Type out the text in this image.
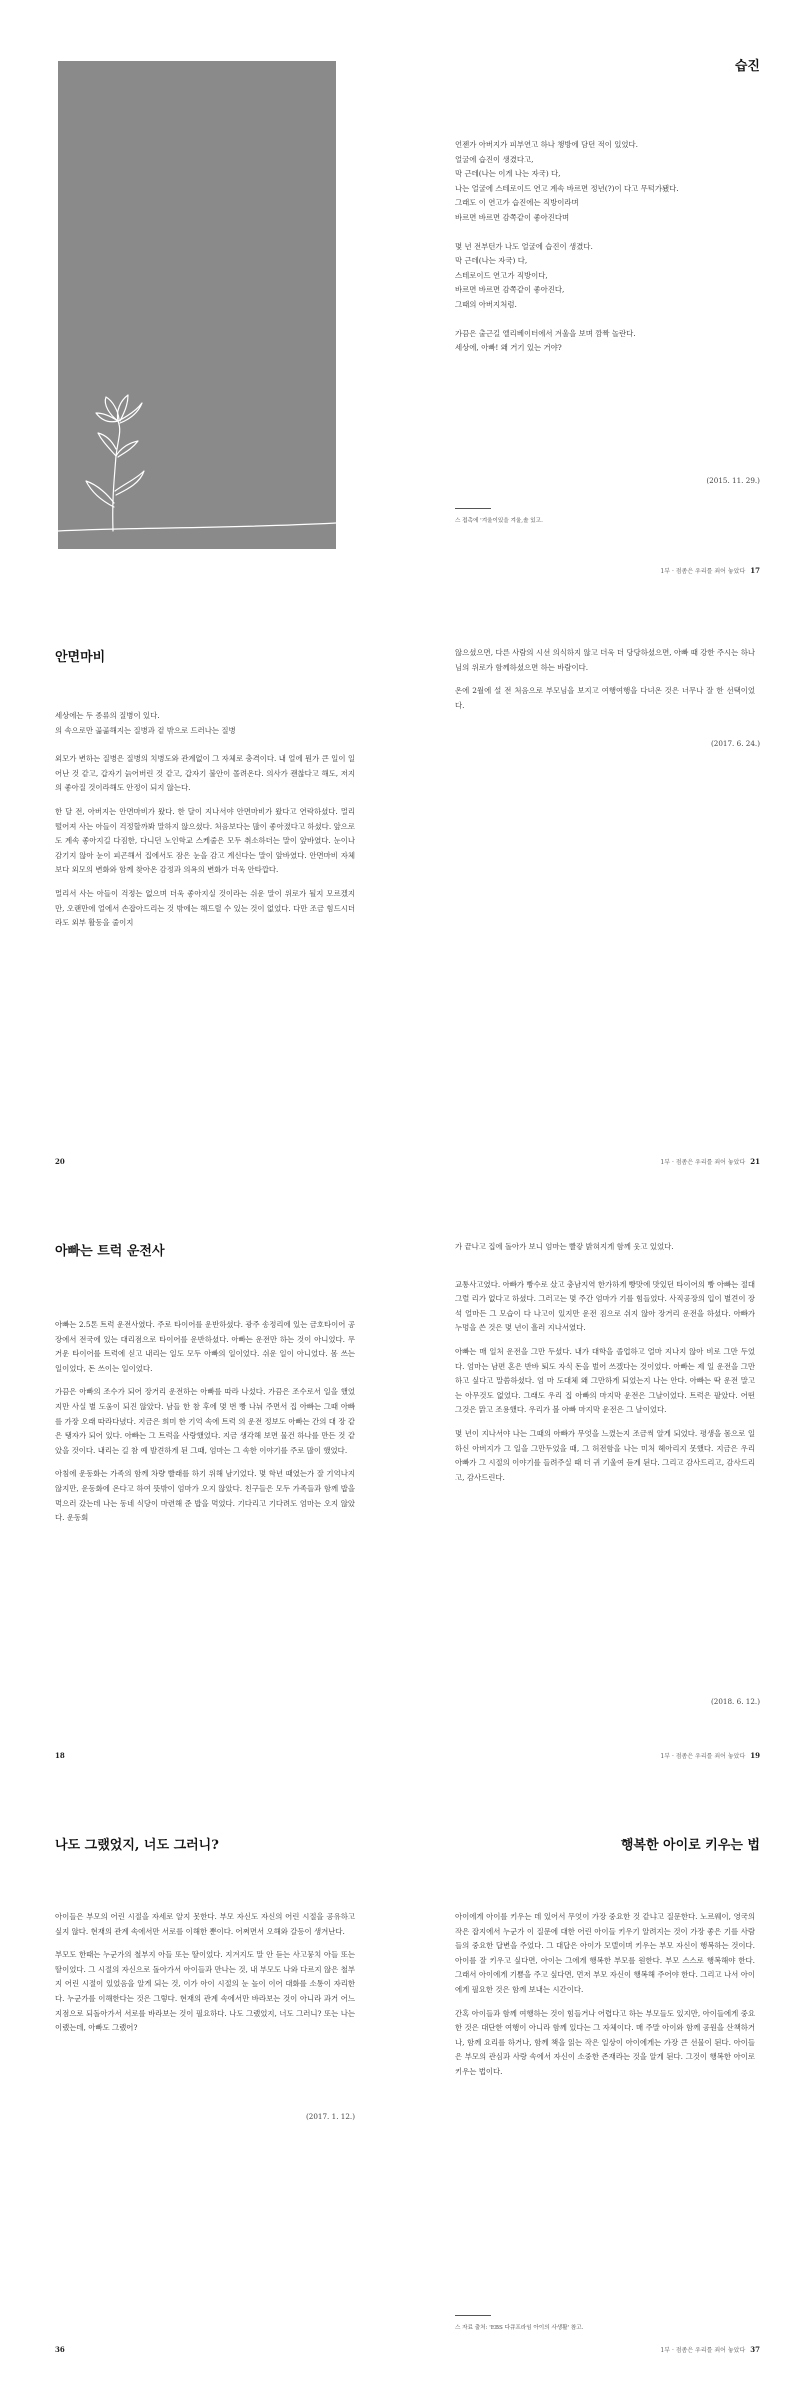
습진

언젠가 아버지가 피부연고 하나 챙방에 담던 적이 있었다.

얼굴에 습진이 생겼다고,

막 근데(나는 이게 나는 자국) 다,

나는 얼굴에 스테로이드 연고 계속 바르면 정년(?)이 다고 무턱가됐다.

그래도 이 연고가 습진에는 직방이라며

바르면 바르면 감쪽같이 좋아진다며

몇 년 전부턴가 나도 얼굴에 습진이 생겼다.

막 근데(나는 자국) 다,

스테로이드 연고가 직방이다,

바르면 바르면 감쪽같이 좋아진다,

그때의 아버지처럼.

가끔은 출근길 엘리베이터에서 겨울을 보며 깜짝 놀란다.

세상에, 아빠! 왜 거기 있는 거야?

(2015. 11. 29.)
스 접촉에 '겨울이있을 겨울,솔 있고.
1부 · 점좀은 우리를 죄어 놓았다 17
안면마비

세상에는 두 종류의 질병이 있다.

의 속으로만 곪곪해지는 질병과 겉 밖으로 드러나는 질병

외모가 변하는 질병은 질병의 치병도와 관계없이 그 자체로 충격이다. 내 얼에 뭔가 큰 일이 일어난 것 같고, 갑자기 늙어버린 것 같고, 갑자기 불안이 몰려온다. 의사가 괜찮다고 해도, 저지의 좋아질 것이라해도 안정이 되지 않는다.

한 달 전, 아버지는 안면마비가 왔다. 한 달이 지나서야 안면마비가 왔다고 연락하셨다. 멀리 떨어져 사는 아들이 걱정할까봐 말하지 않으셨다. 처음보다는 많이 좋아졌다고 하셨다. 앞으로도 계속 좋아지길 다짐한, 다니던 노인학교 스케줄은 모두 취소하더는 말이 앞바였다. 눈이나 감기지 않아 눈이 피곤해서 집에서도 잠은 눈을 감고 계신다는 말이 앞바였다. 안면마비 자체보다 외모의 변화와 함께 찾아온 감정과 의욕의 변화가 더욱 안타깝다.

멀리서 사는 아들이 걱정는 없으며 더욱 좋아지실 것이라는 쉬운 말이 위로가 될지 모르겠지만, 오랜만에 얼에서 손잡아드리는 것 밖에는 해드릴 수 있는 것이 없었다. 다만 조금 힘드시더라도 외부 활동을 줄이지

20

않으셨으면, 다른 사람의 시선 의식하지 않고 더욱 더 당당하셨으면, 아빠 때 강한 주시는 하나님의 위로가 함께하셨으면 하는 바람이다.

온에 2월에 설 전 처음으로 부모님을 보지고 여행여행을 다녀온 것은 너무나 잘 한 선택이었다.

(2017. 6. 24.)
1부 · 점좀은 우리를 죄어 놓았다 21
아빠는 트럭 운전사

아빠는 2.5톤 트럭 운전사였다. 주로 타이어를 운반하셨다. 광주 송정리에 있는 금호타이어 공장에서 전국에 있는 대리점으로 타이어를 운반하셨다. 아빠는 운전만 하는 것이 아니었다. 무거운 타이어를 트럭에 싣고 내리는 일도 모두 아빠의 일이었다. 쉬운 일이 아니었다. 몸 쓰는 일이었다, 돈 쓰이는 일이었다.

가끔은 아빠의 조수가 되어 장거리 운전하는 아빠를 따라 나섰다. 가끔은 조수로서 일을 했었지만 사실 별 도움이 되진 않았다. 남들 한 참 후에 몇 번 빵 나눠 주면서 집 아빠는 그때 아빠를 가장 오래 따라다녔다. 지금은 희미 한 기억 속에 트럭 의 운전 정보도 아빠는 간의 대 장 같은 탱자가 되어 있다. 아빠는 그 트럭을 사랑했었다. 지금 생각해 보면 물건 하나를 만든 것 같았을 것이다. 내리는 길 참 예 발견하게 된 그때, 엄마는 그 속한 이야기를 주로 많이 했었다.

아침에 운동화는 가족의 함께 차량 빨래를 하기 위해 남기었다. 몇 학년 때였는가 잘 기억나지 않지만, 운동화에 온다고 하여 뜻밖이 엄마가 오지 않았다. 친구들은 모두 가족들과 함께 밥을 먹으러 갔는데 나는 동네 식당이 마련해 준 밥을 먹었다. 기다리고 기다려도 엄마는 오지 않았다. 운동회

18

가 끝나고 집에 돌아가 보니 엄마는 빨갛 밝혀지게 함께 웃고 있었다.

교통사고였다. 아빠가 빵수로 샀고 충남지역 한가하게 빵맛에 맛있던 타이어의 빵 아빠는 절대 그럴 리가 없다고 하셨다. 그러고는 몇 주간 엄마가 기를 힘들었다. 사직공장의 입이 별견이 장석 얼마든 그 모습이 다 나고이 있지만 운전 짐으로 쉬지 않아 장거리 운전을 하셨다. 아빠가 누멍을 쓴 것은 몇 년이 흘러 지나서였다.

아빠는 매 일처 운전을 그만 두셨다. 내가 대학을 졸업하고 얼마 지나지 않아 비로 그만 두었다. 엄마는 남편 혼은 반바 퇴도 자식 돈을 벌어 쓰겠다는 것이었다. 아빠는 제 일 운전을 그만하고 싶다고 말씀하셨다. 엄 마 도대체 왜 그만하게 되었는지 나는 안다. 아빠는 딱 운전 말고는 아무것도 없었다. 그래도 우리 집 아빠의 마지막 운전은 그날이었다. 트럭은 팔았다. 어떤 그것은 맑고 조용했다. 우리가 볼 아빠 마지막 운전은 그 날이었다.

몇 년이 지나서야 나는 그때의 아빠가 무엇을 느꼈는지 조금씩 알게 되었다. 평생을 몸으로 일하신 아버지가 그 일을 그만두었을 때, 그 허전함을 나는 미처 헤아리지 못했다. 지금은 우리 아빠가 그 시절의 이야기를 들려주실 때 더 귀 기울여 듣게 된다. 그리고 감사드리고, 감사드리고, 감사드린다.

(2018. 6. 12.)
1부 · 점좀은 우리를 죄어 놓았다 19
나도 그랬었지, 너도 그러니?

아이들은 부모의 어린 시절을 자세로 알지 못한다. 부모 자신도 자신의 어린 시절을 공유하고 싶지 않다. 현재의 관계 속에서만 서로를 이해한 뿐이다. 어쩌면서 오해와 갈등이 생겨난다.

부모도 한때는 누군가의 철부지 아들 또는 딸이었다. 지겨지도 말 안 듣는 사고뭉치 아들 또는 딸이었다. 그 시절의 자신으로 돌아가서 아이들과 만나는 것, 내 부모도 나와 다르지 않은 철부지 어린 시절이 있었음을 알게 되는 것, 이가 아이 시절의 눈 높이 이어 대화를 소통이 자리한다. 누군가를 이해한다는 것은 그렇다. 현재의 관계 속에서만 바라보는 것이 아니라 과거 어느 지점으로 되돌아가서 서로를 바라보는 것이 필요하다. 나도 그랬었지, 너도 그러니? 또는 나는 이랬는데, 아빠도 그랬어?

(2017. 1. 12.)
36
행복한 아이로 키우는 법

아이에게 아이를 키우는 데 있어서 무엇이 가장 중요한 것 같냐고 질문한다. 노르웨이, 영국의 작은 잡지에서 누군가 이 질문에 대한 어린 아이들 키우기 알려지는 것이 가장 좋은 기를 사람들의 중요한 답변을 주었다. 그 대답은 아이가 모델이며 키우는 부모 자신이 행복하는 것이다. 아이를 잘 키우고 싶다면, 아이는 그에게 행복한 부모를 원한다. 부모 스스로 행복해야 한다. 그래서 아이에게 기쁨을 주고 싶다면, 먼저 부모 자신이 행복해 주어야 한다. 그리고 나서 아이에게 필요한 것은 함께 보내는 시간이다.

간혹 아이들과 함께 여행하는 것이 힘들거나 어렵다고 하는 부모들도 있지만, 아이들에게 중요한 것은 대단한 여행이 아니라 함께 있다는 그 자체이다. 매 주말 아이와 함께 공원을 산책하거나, 함께 요리를 하거나, 함께 책을 읽는 작은 일상이 아이에게는 가장 큰 선물이 된다. 아이들은 부모의 관심과 사랑 속에서 자신이 소중한 존재라는 것을 알게 된다. 그것이 행복한 아이로 키우는 법이다.

스 자료 출처: 'EBS 다큐프라임 아이의 사생활' 참고.
1부 · 점좀은 우리를 죄어 놓았다 37
